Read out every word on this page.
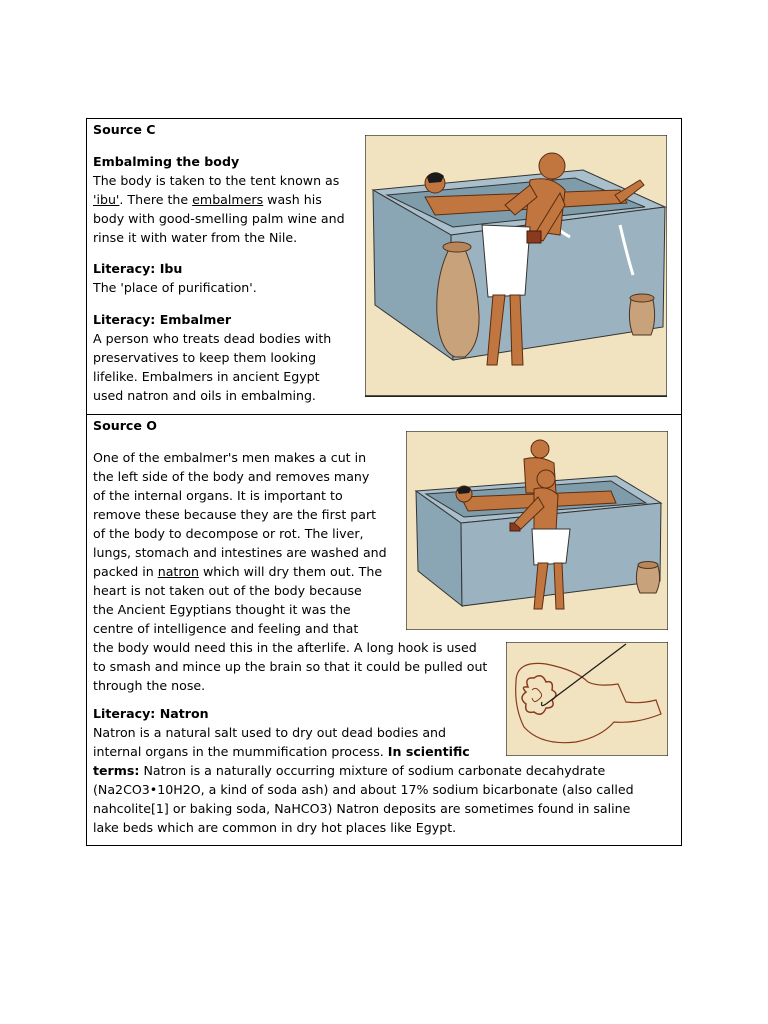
Source C
Embalming the body
The body is taken to the tent known as
'ibu'. There the embalmers wash his
body with good-smelling palm wine and
rinse it with water from the Nile.
Literacy: Ibu
The 'place of purification'.
Literacy: Embalmer
A person who treats dead bodies with
preservatives to keep them looking
lifelike. Embalmers in ancient Egypt
used natron and oils in embalming.
Source O
One of the embalmer's men makes a cut in
the left side of the body and removes many
of the internal organs. It is important to
remove these because they are the first part
of the body to decompose or rot. The liver,
lungs, stomach and intestines are washed and
packed in natron which will dry them out. The
heart is not taken out of the body because
the Ancient Egyptians thought it was the
centre of intelligence and feeling and that
the body would need this in the afterlife. A long hook is used
to smash and mince up the brain so that it could be pulled out
through the nose.
Literacy: Natron
Natron is a natural salt used to dry out dead bodies and
internal organs in the mummification process. In scientific
terms: Natron is a naturally occurring mixture of sodium carbonate decahydrate
(Na2CO3•10H2O, a kind of soda ash) and about 17% sodium bicarbonate (also called
nahcolite[1] or baking soda, NaHCO3) Natron deposits are sometimes found in saline
lake beds which are common in dry hot places like Egypt.
